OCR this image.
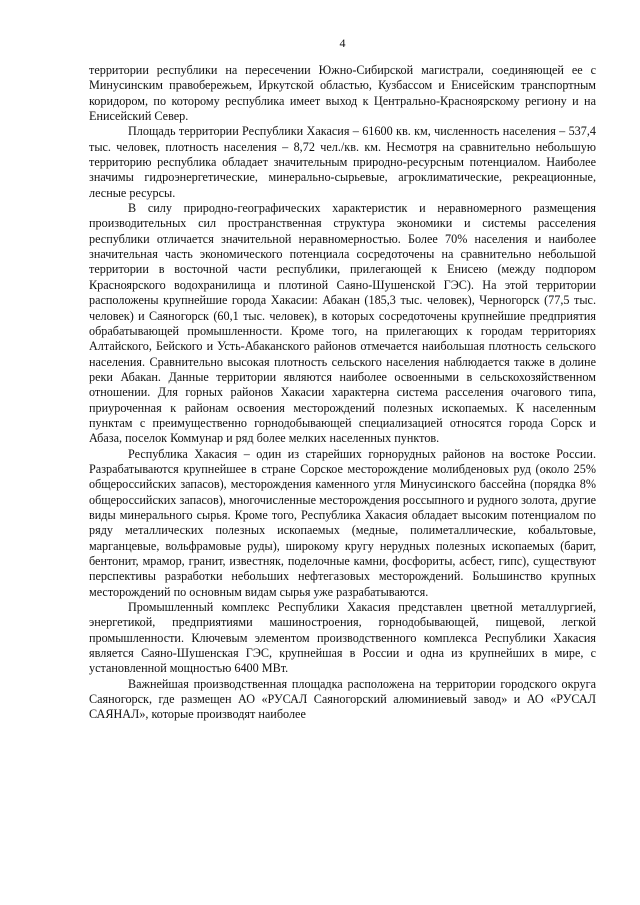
4

территории республики на пересечении Южно-Сибирской магистрали, соединяющей ее с Минусинским правобережьем, Иркутской областью, Кузбассом и Енисейским транспортным коридором, по которому республика имеет выход к Центрально-Красноярскому региону и на Енисейский Север.

Площадь территории Республики Хакасия – 61600 кв. км, численность населения – 537,4 тыс. человек, плотность населения – 8,72 чел./кв. км. Несмотря на сравнительно небольшую территорию республика обладает значительным природно-ресурсным потенциалом. Наиболее значимы гидроэнергетические, минерально-сырьевые, агроклиматические, рекреационные, лесные ресурсы.

В силу природно-географических характеристик и неравномерного размещения производительных сил пространственная структура экономики и системы расселения республики отличается значительной неравномерностью. Более 70% населения и наиболее значительная часть экономического потенциала сосредоточены на сравнительно небольшой территории в восточной части республики, прилегающей к Енисею (между подпором Красноярского водохранилища и плотиной Саяно-Шушенской ГЭС). На этой территории расположены крупнейшие города Хакасии: Абакан (185,3 тыс. человек), Черногорск (77,5 тыс. человек) и Саяногорск (60,1 тыс. человек), в которых сосредоточены крупнейшие предприятия обрабатывающей промышленности. Кроме того, на прилегающих к городам территориях Алтайского, Бейского и Усть-Абаканского районов отмечается наибольшая плотность сельского населения. Сравнительно высокая плотность сельского населения наблюдается также в долине реки Абакан. Данные территории являются наиболее освоенными в сельскохозяйственном отношении. Для горных районов Хакасии характерна система расселения очагового типа, приуроченная к районам освоения месторождений полезных ископаемых. К населенным пунктам с преимущественно горнодобывающей специализацией относятся города Сорск и Абаза, поселок Коммунар и ряд более мелких населенных пунктов.

Республика Хакасия – один из старейших горнорудных районов на востоке России. Разрабатываются крупнейшее в стране Сорское месторождение молибденовых руд (около 25% общероссийских запасов), месторождения каменного угля Минусинского бассейна (порядка 8% общероссийских запасов), многочисленные месторождения россыпного и рудного золота, другие виды минерального сырья. Кроме того, Республика Хакасия обладает высоким потенциалом по ряду металлических полезных ископаемых (медные, полиметаллические, кобальтовые, марганцевые, вольфрамовые руды), широкому кругу нерудных полезных ископаемых (барит, бентонит, мрамор, гранит, известняк, поделочные камни, фосфориты, асбест, гипс), существуют перспективы разработки небольших нефтегазовых месторождений. Большинство крупных месторождений по основным видам сырья уже разрабатываются.

Промышленный комплекс Республики Хакасия представлен цветной металлургией, энергетикой, предприятиями машиностроения, горнодобывающей, пищевой, легкой промышленности. Ключевым элементом производственного комплекса Республики Хакасия является Саяно-Шушенская ГЭС, крупнейшая в России и одна из крупнейших в мире, с установленной мощностью 6400 МВт.

Важнейшая производственная площадка расположена на территории городского округа Саяногорск, где размещен АО «РУСАЛ Саяногорский алюминиевый завод» и АО «РУСАЛ САЯНАЛ», которые производят наиболее
